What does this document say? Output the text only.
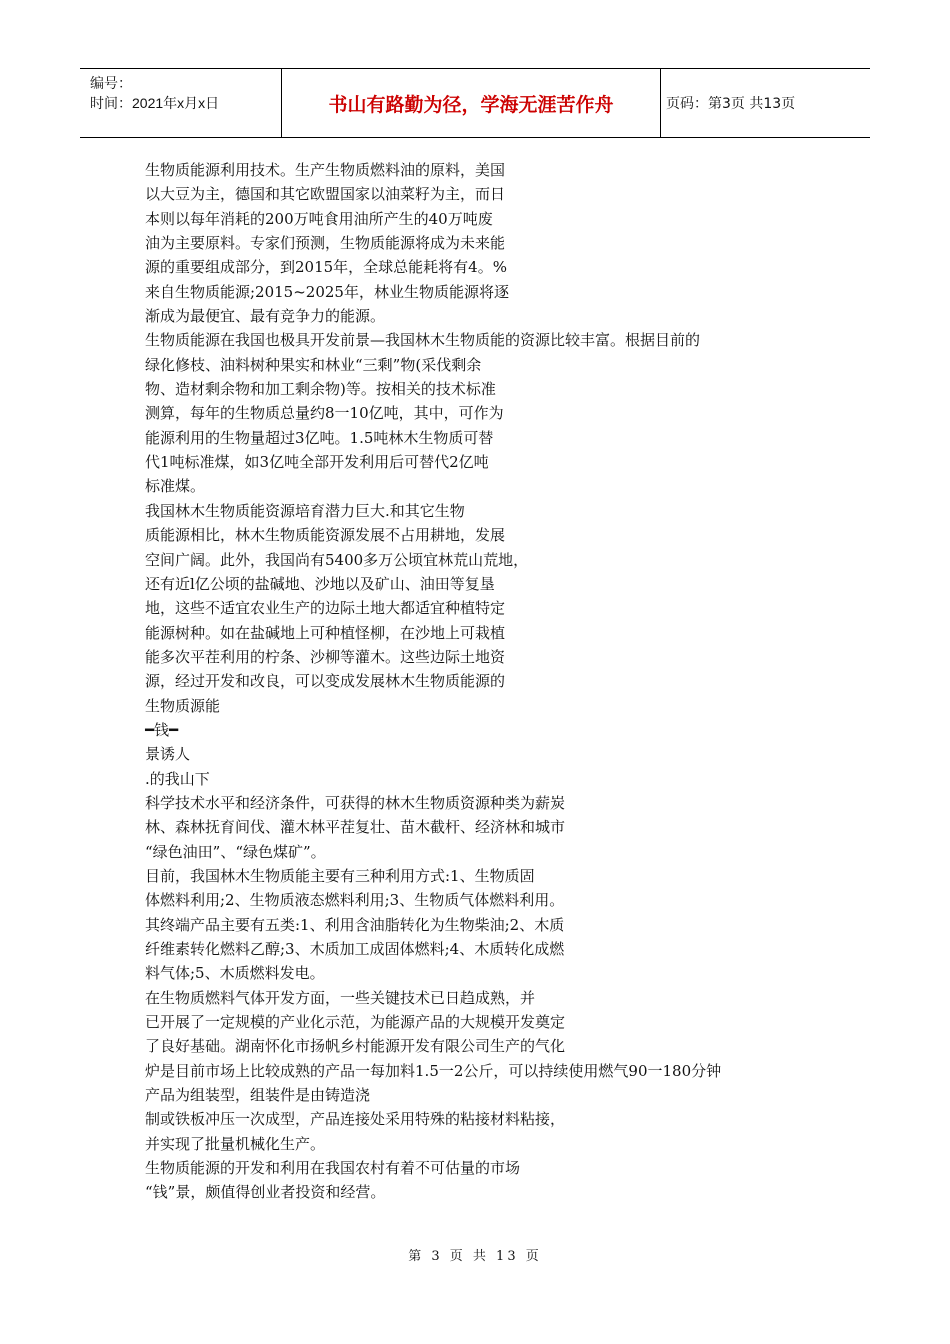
编号：
时间：2021年x月x日	书山有路勤为径，学海无涯苦作舟	页码：第3页 共13页

生物质能源利用技术。生产生物质燃料油的原料，美国

以大豆为主，德国和其它欧盟国家以油菜籽为主，而日

本则以每年消耗的200万吨食用油所产生的40万吨废

油为主要原料。专家们预测，生物质能源将成为未来能

源的重要组成部分，到2015年，全球总能耗将有4。%

来自生物质能源;2015~2025年，林业生物质能源将逐

渐成为最便宜、最有竞争力的能源。

生物质能源在我国也极具开发前景—我国林木生物质能的资源比较丰富。根据目前的

绿化修枝、油料树种果实和林业“三剩”物(采伐剩余

物、造材剩余物和加工剩余物)等。按相关的技术标准

测算，每年的生物质总量约8一10亿吨，其中，可作为

能源利用的生物量超过3亿吨。1.5吨林木生物质可替

代1吨标准煤，如3亿吨全部开发利用后可替代2亿吨

标准煤。

我国林木生物质能资源培育潜力巨大.和其它生物

质能源相比，林木生物质能资源发展不占用耕地，发展

空间广阔。此外，我国尚有5400多万公顷宜林荒山荒地，

还有近l亿公顷的盐碱地、沙地以及矿山、油田等复垦

地，这些不适宜农业生产的边际土地大都适宜种植特定

能源树种。如在盐碱地上可种植怪柳，在沙地上可栽植

能多次平茬利用的柠条、沙柳等灌木。这些边际土地资

源，经过开发和改良，可以变成发展林木生物质能源的

生物质源能

━钱━

景诱人

.的我山下

科学技术水平和经济条件，可获得的林木生物质资源种类为薪炭

林、森林抚育间伐、灌木林平茬复壮、苗木截杆、经济林和城市

“绿色油田”、“绿色煤矿”。

目前，我国林木生物质能主要有三种利用方式:1、生物质固

体燃料利用;2、生物质液态燃料利用;3、生物质气体燃料利用。

其终端产品主要有五类:1、利用含油脂转化为生物柴油;2、木质

纤维素转化燃料乙醇;3、木质加工成固体燃料;4、木质转化成燃

料气体;5、木质燃料发电。

在生物质燃料气体开发方面，一些关键技术已日趋成熟，并

已开展了一定规模的产业化示范，为能源产品的大规模开发奠定

了良好基础。湖南怀化市扬帆乡村能源开发有限公司生产的气化

炉是目前市场上比较成熟的产品一每加料1.5一2公斤，可以持续使用燃气90一180分钟

产品为组装型，组装件是由铸造浇

制或铁板冲压一次成型，产品连接处采用特殊的粘接材料粘接，

并实现了批量机械化生产。

生物质能源的开发和利用在我国农村有着不可估量的市场

“钱”景，颇值得创业者投资和经营。

第 3 页 共 13 页
